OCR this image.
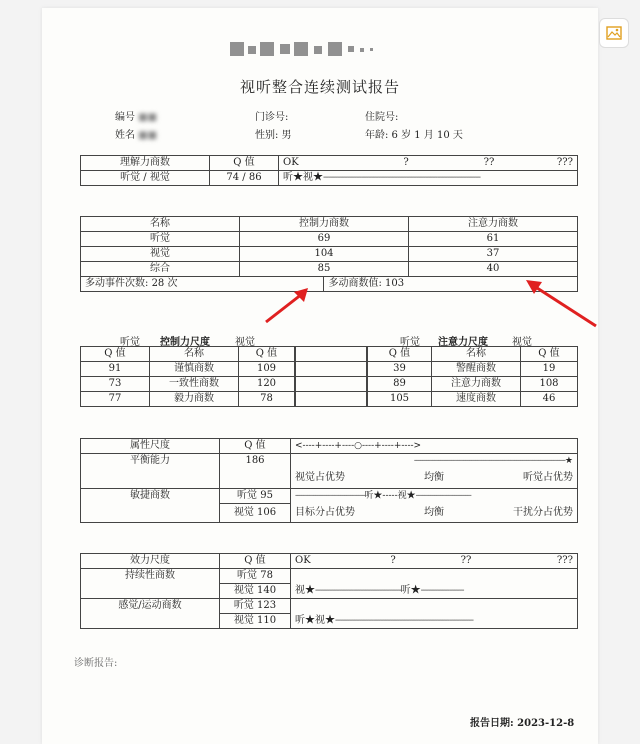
视听整合连续测试报告
编号 ■■
姓名 ■■
门诊号:
性别: 男
住院号:
年龄: 6 岁 1 月 10 天
理解力商数	Q 值	OK	?	??	???
听觉 / 视觉	74 / 86	听★视★------------------------------------------------------------------			
名称	控制力商数		注意力商数
听觉	69		61
视觉	104		37
综合	85		40
多动事件次数: 28 次		多动商数值: 103	
听觉 控制力尺度	视觉
Q 值	名称	Q 值
91	谨慎商数	109
73	一致性商数	120
77	毅力商数	78

听觉 注意力尺度 视觉
Q 值	名称	Q 值
39	警醒商数	19
89	注意力商数	108
105	速度商数	46
属性尺度	Q 值	<----+----+----○----+----+---->
平衡能力	186	--------------------------------------------------------------------------★

		视觉占优势 均衡 听觉占优势

敏捷商数	听觉 95	----------------------------------听★-----视★---------------------------
	视觉 106	目标分占优势 均衡 干扰分占优势
效力尺度	Q 值	OK	?	??	???
持续性商数	听觉 78	视★------------------------------------听★------------------			
	视觉 140				
感觉/运动商数	听觉 123	听★视★----------------------------------------------------------			
	视觉 110				
诊断报告:
报告日期: 2023-12-8
